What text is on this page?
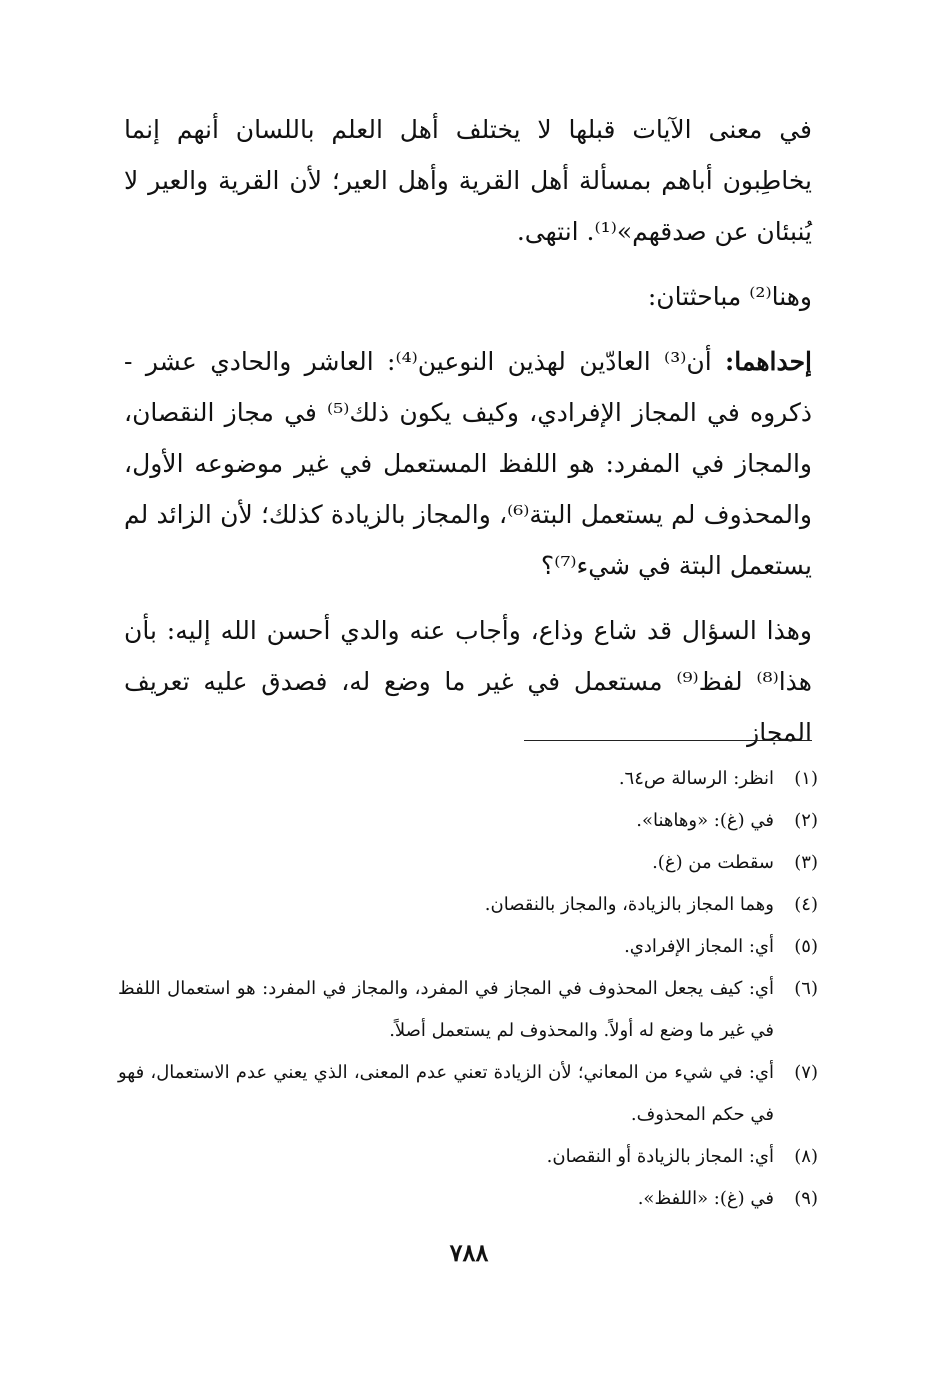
في معنى الآيات قبلها لا يختلف أهل العلم باللسان أنهم إنما يخاطِبون أباهم بمسألة أهل القرية وأهل العير؛ لأن القرية والعير لا يُنبئان عن صدقهم»⁽¹⁾. انتهى.

وهنا⁽²⁾ مباحثتان:

إحداهما: أن⁽³⁾ العادّين لهذين النوعين⁽⁴⁾: العاشر والحادي عشر - ذكروه في المجاز الإفرادي، وكيف يكون ذلك⁽⁵⁾ في مجاز النقصان، والمجاز في المفرد: هو اللفظ المستعمل في غير موضوعه الأول، والمحذوف لم يستعمل البتة⁽⁶⁾، والمجاز بالزيادة كذلك؛ لأن الزائد لم يستعمل البتة في شيء⁽⁷⁾؟

وهذا السؤال قد شاع وذاع، وأجاب عنه والدي أحسن الله إليه: بأن هذا⁽⁸⁾ لفظ⁽⁹⁾ مستعمل في غير ما وضع له، فصدق عليه تعريف المجاز

(١)
انظر: الرسالة ص٦٤.
(٢)
في (غ): «وهاهنا».
(٣)
سقطت من (غ).
(٤)
وهما المجاز بالزيادة، والمجاز بالنقصان.
(٥)
أي: المجاز الإفرادي.
(٦)
أي: كيف يجعل المحذوف في المجاز في المفرد، والمجاز في المفرد: هو استعمال اللفظ في غير ما وضع له أولاً. والمحذوف لم يستعمل أصلاً.
(٧)
أي: في شيء من المعاني؛ لأن الزيادة تعني عدم المعنى، الذي يعني عدم الاستعمال، فهو في حكم المحذوف.
(٨)
أي: المجاز بالزيادة أو النقصان.
(٩)
في (غ): «اللفظ».
٧٨٨
